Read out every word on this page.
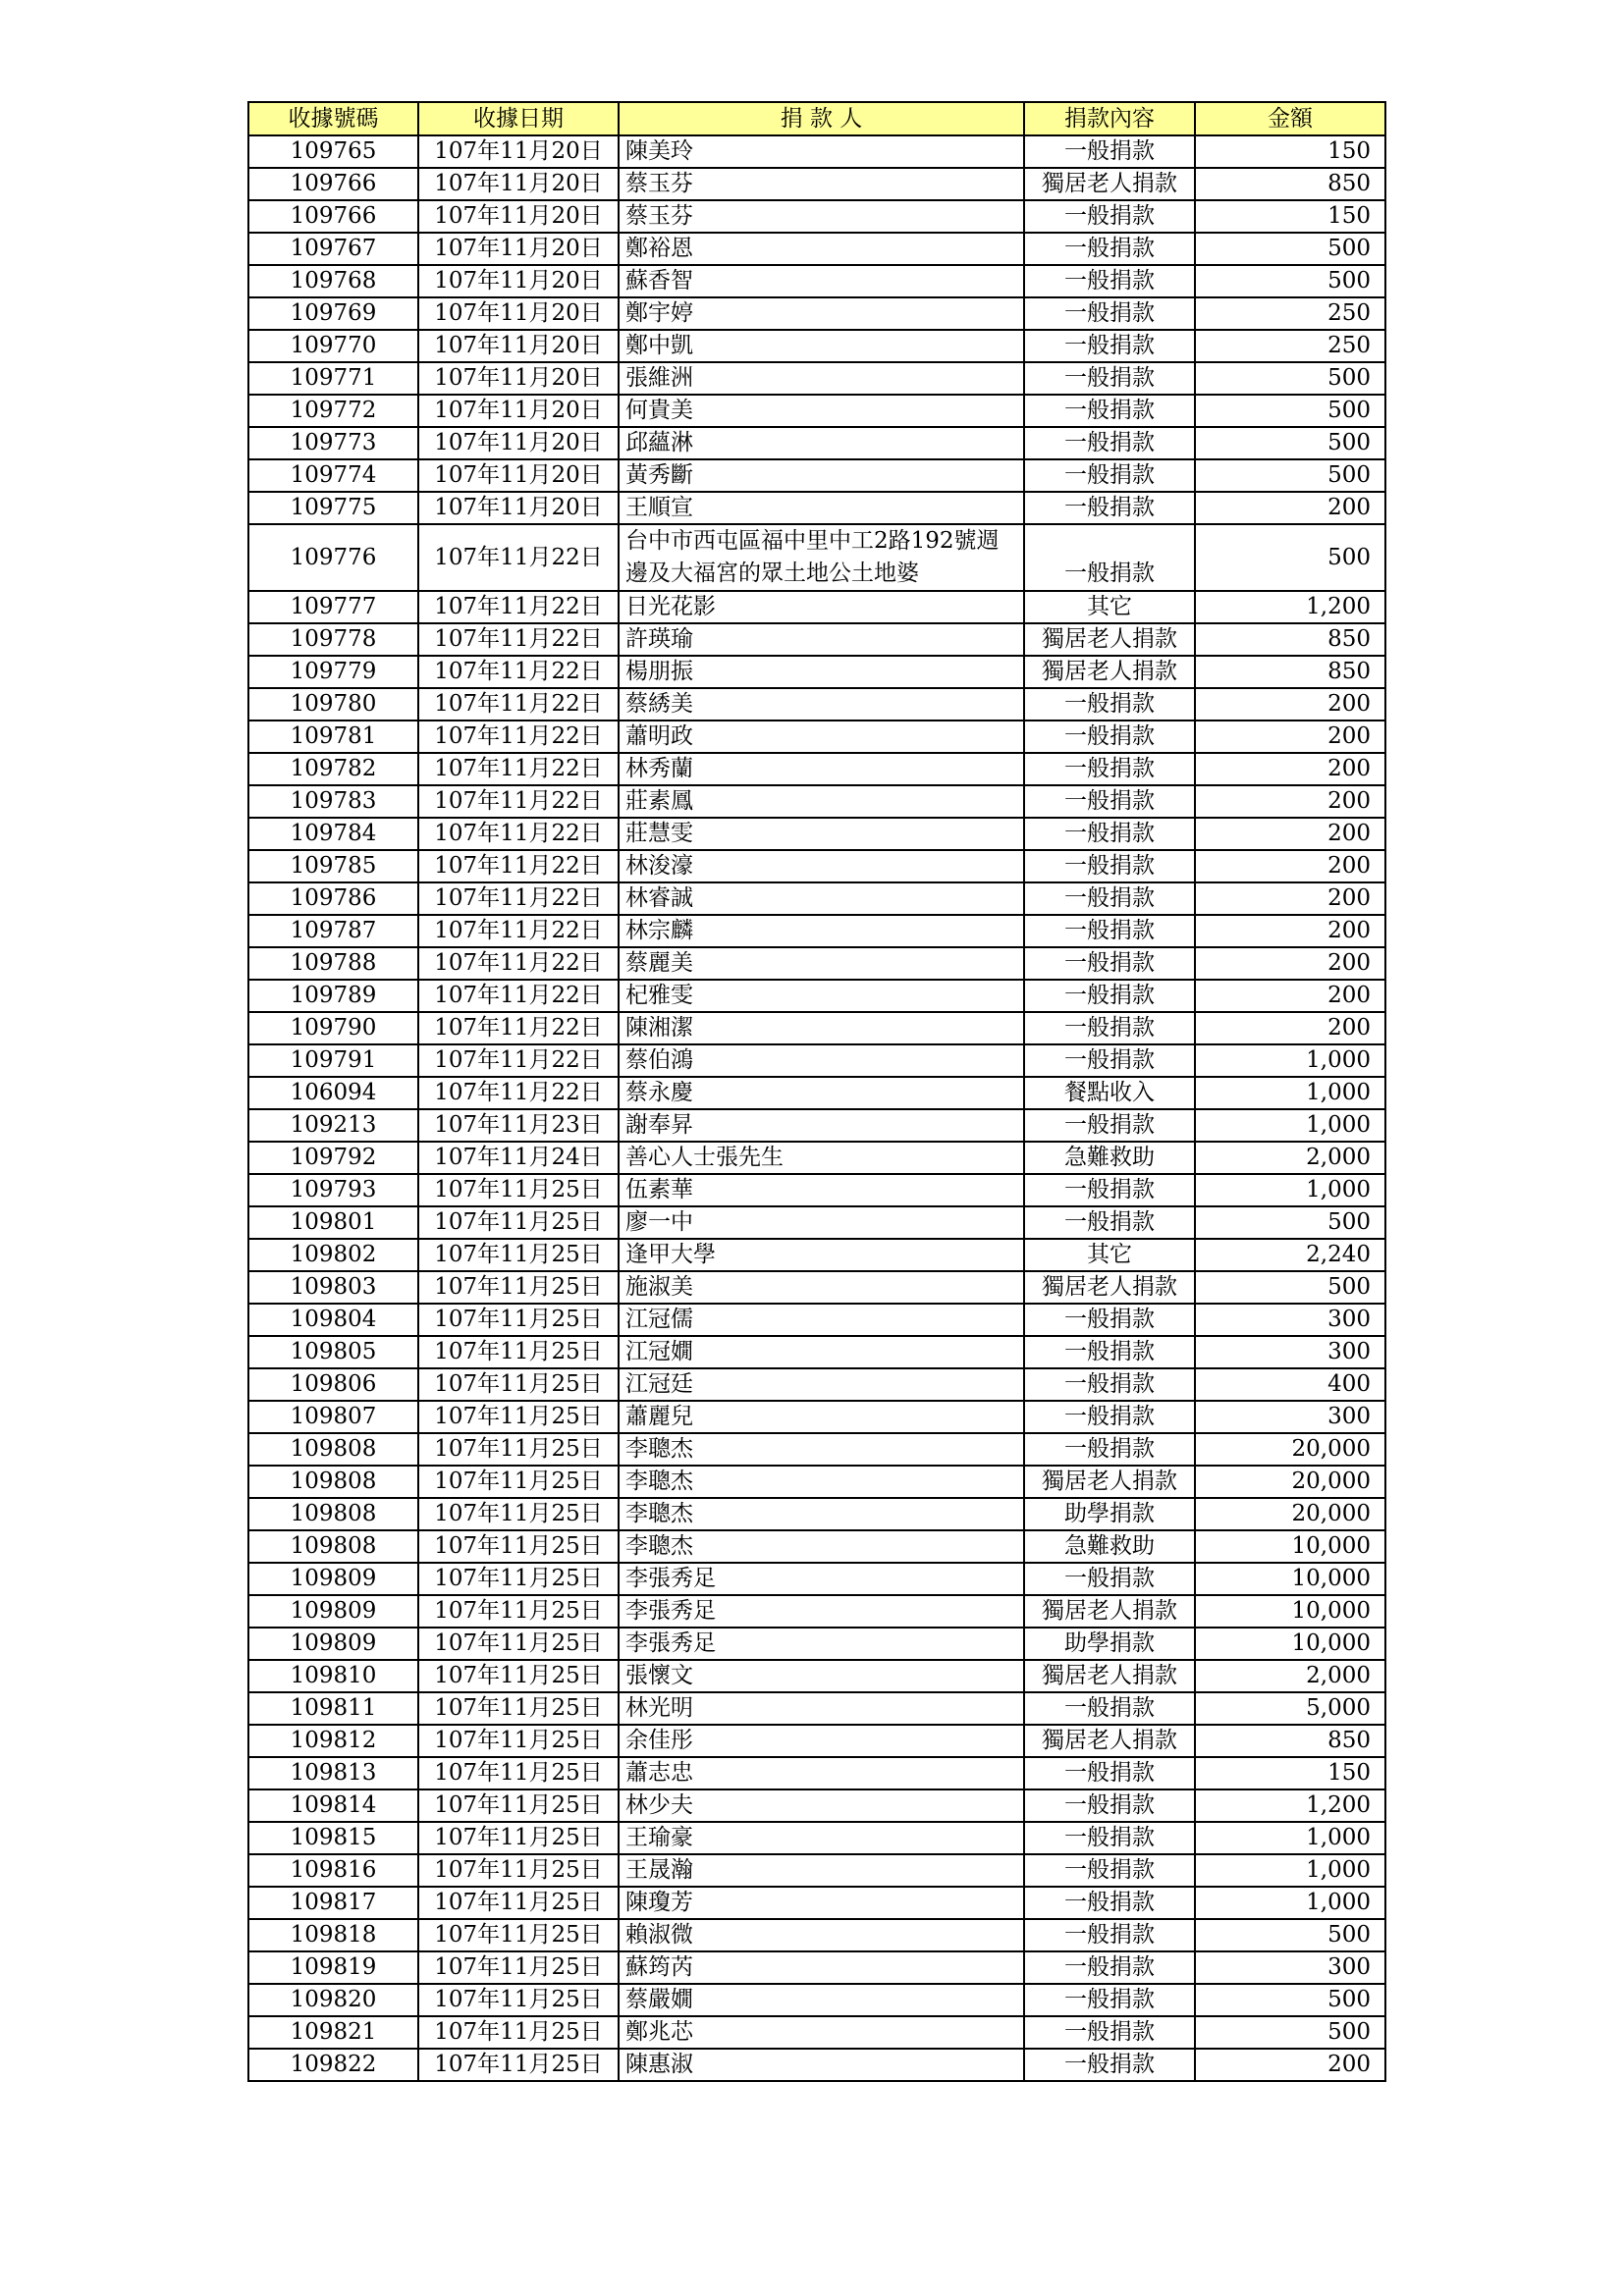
收據號碼	收據日期	捐 款 人	捐款內容	金額
109765	107年11月20日	陳美玲	一般捐款	150
109766	107年11月20日	蔡玉芬	獨居老人捐款	850
109766	107年11月20日	蔡玉芬	一般捐款	150
109767	107年11月20日	鄭裕恩	一般捐款	500
109768	107年11月20日	蘇香智	一般捐款	500
109769	107年11月20日	鄭宇婷	一般捐款	250
109770	107年11月20日	鄭中凱	一般捐款	250
109771	107年11月20日	張維洲	一般捐款	500
109772	107年11月20日	何貴美	一般捐款	500
109773	107年11月20日	邱蘊淋	一般捐款	500
109774	107年11月20日	黃秀斷	一般捐款	500
109775	107年11月20日	王順宣	一般捐款	200
109776	107年11月22日	台中市西屯區福中里中工2路192號週邊及大福宮的眾土地公土地婆	一般捐款	500
109777	107年11月22日	日光花影	其它	1,200
109778	107年11月22日	許瑛瑜	獨居老人捐款	850
109779	107年11月22日	楊朋振	獨居老人捐款	850
109780	107年11月22日	蔡綉美	一般捐款	200
109781	107年11月22日	蕭明政	一般捐款	200
109782	107年11月22日	林秀蘭	一般捐款	200
109783	107年11月22日	莊素鳳	一般捐款	200
109784	107年11月22日	莊慧雯	一般捐款	200
109785	107年11月22日	林浚濠	一般捐款	200
109786	107年11月22日	林睿誠	一般捐款	200
109787	107年11月22日	林宗麟	一般捐款	200
109788	107年11月22日	蔡麗美	一般捐款	200
109789	107年11月22日	杞雅雯	一般捐款	200
109790	107年11月22日	陳湘潔	一般捐款	200
109791	107年11月22日	蔡伯鴻	一般捐款	1,000
106094	107年11月22日	蔡永慶	餐點收入	1,000
109213	107年11月23日	謝奉昇	一般捐款	1,000
109792	107年11月24日	善心人士張先生	急難救助	2,000
109793	107年11月25日	伍素華	一般捐款	1,000
109801	107年11月25日	廖一中	一般捐款	500
109802	107年11月25日	逢甲大學	其它	2,240
109803	107年11月25日	施淑美	獨居老人捐款	500
109804	107年11月25日	江冠儒	一般捐款	300
109805	107年11月25日	江冠嫺	一般捐款	300
109806	107年11月25日	江冠廷	一般捐款	400
109807	107年11月25日	蕭麗兒	一般捐款	300
109808	107年11月25日	李聰杰	一般捐款	20,000
109808	107年11月25日	李聰杰	獨居老人捐款	20,000
109808	107年11月25日	李聰杰	助學捐款	20,000
109808	107年11月25日	李聰杰	急難救助	10,000
109809	107年11月25日	李張秀足	一般捐款	10,000
109809	107年11月25日	李張秀足	獨居老人捐款	10,000
109809	107年11月25日	李張秀足	助學捐款	10,000
109810	107年11月25日	張懷文	獨居老人捐款	2,000
109811	107年11月25日	林光明	一般捐款	5,000
109812	107年11月25日	余佳彤	獨居老人捐款	850
109813	107年11月25日	蕭志忠	一般捐款	150
109814	107年11月25日	林少夫	一般捐款	1,200
109815	107年11月25日	王瑜豪	一般捐款	1,000
109816	107年11月25日	王晟瀚	一般捐款	1,000
109817	107年11月25日	陳瓊芳	一般捐款	1,000
109818	107年11月25日	賴淑微	一般捐款	500
109819	107年11月25日	蘇筠芮	一般捐款	300
109820	107年11月25日	蔡嚴嫺	一般捐款	500
109821	107年11月25日	鄭兆芯	一般捐款	500
109822	107年11月25日	陳惠淑	一般捐款	200
